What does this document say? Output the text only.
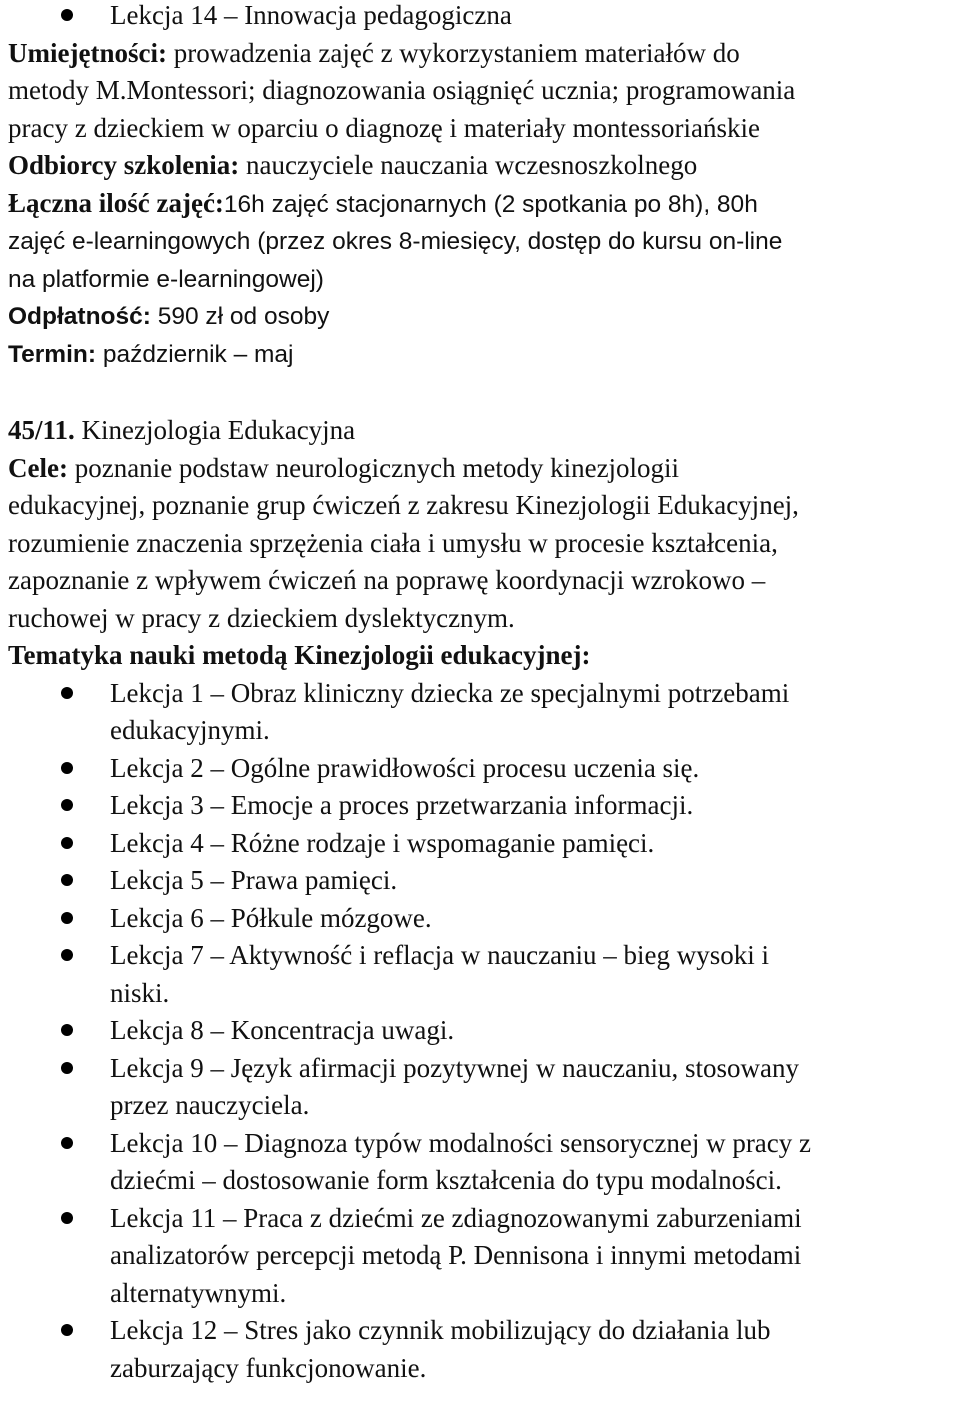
Lekcja 14 – Innowacja pedagogiczna
Umiejętności: prowadzenia zajęć z wykorzystaniem materiałów do
metody M.Montessori; diagnozowania osiągnięć ucznia; programowania
pracy z dzieckiem w oparciu o diagnozę i materiały montessoriańskie
Odbiorcy szkolenia: nauczyciele nauczania wczesnoszkolnego
Łączna ilość zajęć:16h zajęć stacjonarnych (2 spotkania po 8h), 80h
zajęć e-learningowych (przez okres 8-miesięcy, dostęp do kursu on-line
na platformie e-learningowej)
Odpłatność: 590 zł od osoby
Termin: październik – maj
45/11. Kinezjologia Edukacyjna
Cele: poznanie podstaw neurologicznych metody kinezjologii
edukacyjnej, poznanie grup ćwiczeń z zakresu Kinezjologii Edukacyjnej,
rozumienie znaczenia sprzężenia ciała i umysłu w procesie kształcenia,
zapoznanie z wpływem ćwiczeń na poprawę koordynacji wzrokowo –
ruchowej w pracy z dzieckiem dyslektycznym.
Tematyka nauki metodą Kinezjologii edukacyjnej:
Lekcja 1 – Obraz kliniczny dziecka ze specjalnymi potrzebami
edukacyjnymi.
Lekcja 2 – Ogólne prawidłowości procesu uczenia się.
Lekcja 3 – Emocje a proces przetwarzania informacji.
Lekcja 4 – Różne rodzaje i wspomaganie pamięci.
Lekcja 5 – Prawa pamięci.
Lekcja 6 – Półkule mózgowe.
Lekcja 7 – Aktywność i reflacja w nauczaniu – bieg wysoki i
niski.
Lekcja 8 – Koncentracja uwagi.
Lekcja 9 – Język afirmacji pozytywnej w nauczaniu, stosowany
przez nauczyciela.
Lekcja 10 – Diagnoza typów modalności sensorycznej w pracy z
dziećmi – dostosowanie form kształcenia do typu modalności.
Lekcja 11 – Praca z dziećmi ze zdiagnozowanymi zaburzeniami
analizatorów percepcji metodą P. Dennisona i innymi metodami
alternatywnymi.
Lekcja 12 – Stres jako czynnik mobilizujący do działania lub
zaburzający funkcjonowanie.
